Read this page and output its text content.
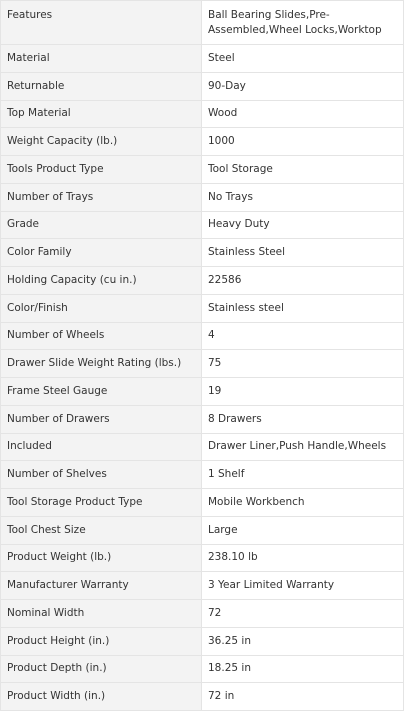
Features	Ball Bearing Slides,Pre-Assembled,Wheel Locks,Worktop
Material	Steel
Returnable	90-Day
Top Material	Wood
Weight Capacity (lb.)	1000
Tools Product Type	Tool Storage
Number of Trays	No Trays
Grade	Heavy Duty
Color Family	Stainless Steel
Holding Capacity (cu in.)	22586
Color/Finish	Stainless steel
Number of Wheels	4
Drawer Slide Weight Rating (lbs.)	75
Frame Steel Gauge	19
Number of Drawers	8 Drawers
Included	Drawer Liner,Push Handle,Wheels
Number of Shelves	1 Shelf
Tool Storage Product Type	Mobile Workbench
Tool Chest Size	Large
Product Weight (lb.)	238.10 lb
Manufacturer Warranty	3 Year Limited Warranty
Nominal Width	72
Product Height (in.)	36.25 in
Product Depth (in.)	18.25 in
Product Width (in.)	72 in
